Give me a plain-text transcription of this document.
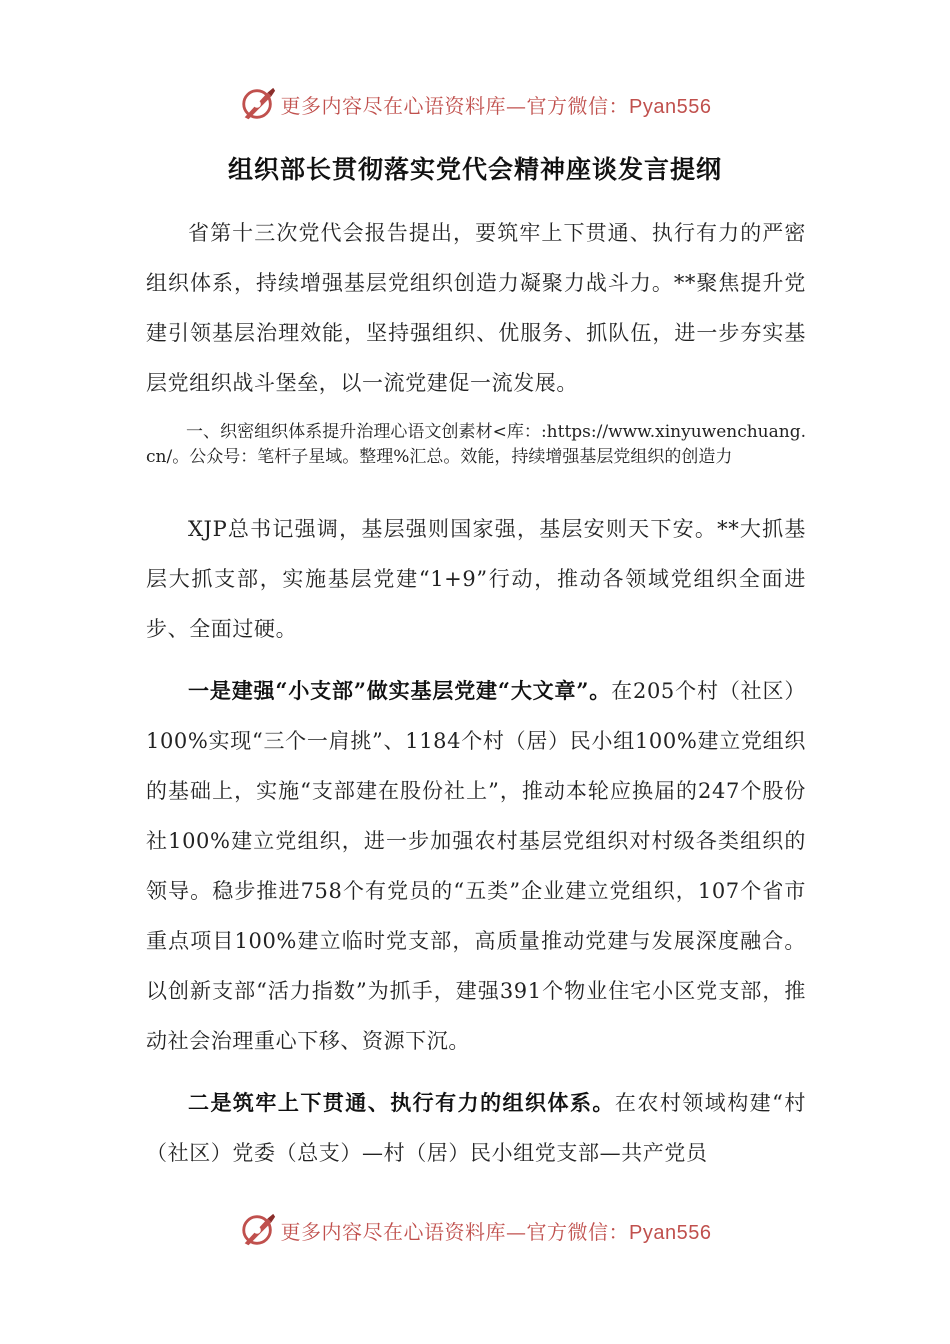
更多内容尽在心语资料库—官方微信：Pyan556
组织部长贯彻落实党代会精神座谈发言提纲
省第十三次党代会报告提出，要筑牢上下贯通、执行有力的严密组织体系，持续增强基层党组织创造力凝聚力战斗力。**聚焦提升党建引领基层治理效能，坚持强组织、优服务、抓队伍，进一步夯实基层党组织战斗堡垒，以一流党建促一流发展。
一、织密组织体系提升治理心语文创素材<库：:https://www.xinyuwenchuang.cn/。公众号：笔杆子星域。整理%汇总。效能，持续增强基层党组织的创造力
XJP总书记强调，基层强则国家强，基层安则天下安。**大抓基层大抓支部，实施基层党建“1+9”行动，推动各领域党组织全面进步、全面过硬。
一是建强“小支部”做实基层党建“大文章”。在205个村（社区）100%实现“三个一肩挑”、1184个村（居）民小组100%建立党组织的基础上，实施“支部建在股份社上”，推动本轮应换届的247个股份社100%建立党组织，进一步加强农村基层党组织对村级各类组织的领导。稳步推进758个有党员的“五类”企业建立党组织，107个省市重点项目100%建立临时党支部，高质量推动党建与发展深度融合。以创新支部“活力指数”为抓手，建强391个物业住宅小区党支部，推动社会治理重心下移、资源下沉。
二是筑牢上下贯通、执行有力的组织体系。在农村领域构建“村（社区）党委（总支）—村（居）民小组党支部—共产党员
更多内容尽在心语资料库—官方微信：Pyan556
